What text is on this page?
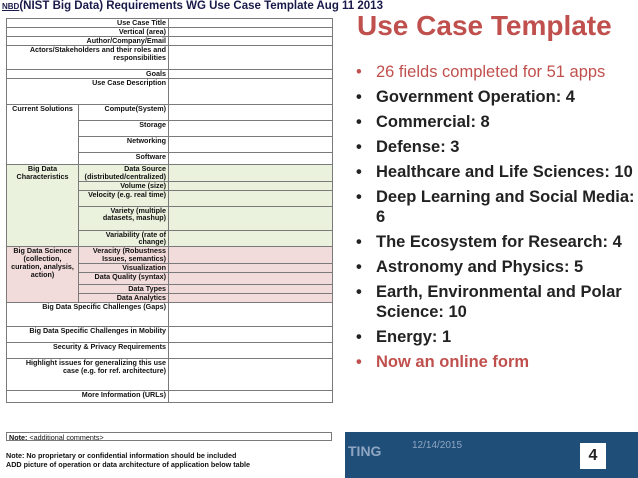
NBD(NIST Big Data) Requirements WG Use Case Template Aug 11 2013
Use Case Title		
Vertical (area)		
Author/Company/Email		
Actors/Stakeholders and their roles and responsibilities		
Goals		
Use Case Description		
Current Solutions	Compute(System)	
	Storage	
	Networking	
	Software	
Big Data Characteristics	Data Source (distributed/centralized)	
	Volume (size)	
	Velocity (e.g. real time)	
	Variety (multiple datasets, mashup)	
	Variability (rate of change)	
Big Data Science (collection, curation, analysis, action)	Veracity (Robustness Issues, semantics)	
	Visualization	
	Data Quality (syntax)	
	Data Types	
	Data Analytics	
Big Data Specific Challenges (Gaps)		
Big Data Specific Challenges in Mobility		
Security & Privacy Requirements		
Highlight issues for generalizing this use case (e.g. for ref. architecture)		
More Information (URLs)		
Note: <additional comments>
Note: No proprietary or confidential information should be included
ADD picture of operation or data architecture of application below table
Use Case Template
• 26 fields completed for 51 apps
• Government Operation: 4
• Commercial: 8
• Defense: 3
• Healthcare and Life Sciences: 10
• Deep Learning and Social Media: 6
• The Ecosystem for Research: 4
• Astronomy and Physics: 5
• Earth, Environmental and Polar Science: 10
• Energy: 1
• Now an online form
TING	12/14/2015
4
